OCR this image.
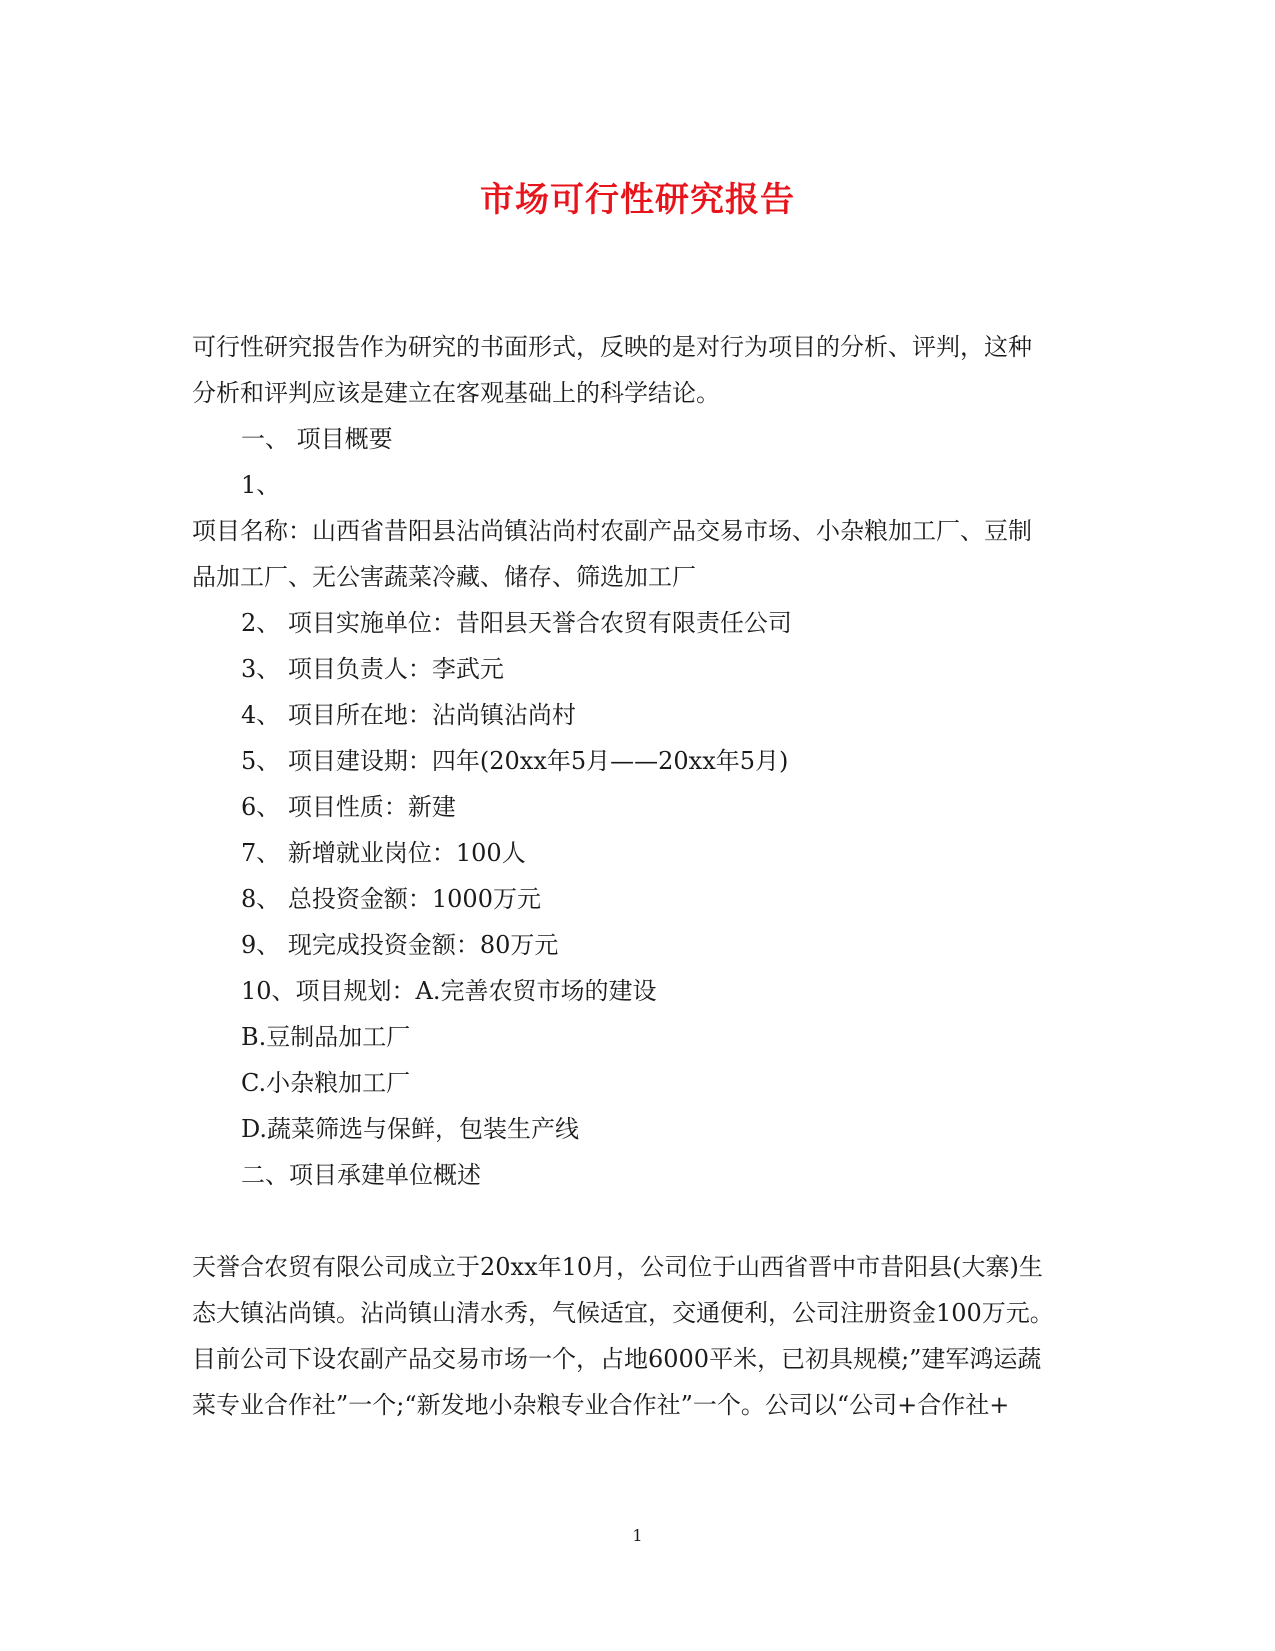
市场可行性研究报告
可行性研究报告作为研究的书面形式，反映的是对行为项目的分析、评判，这种
分析和评判应该是建立在客观基础上的科学结论。
一、 项目概要
1、
项目名称：山西省昔阳县沾尚镇沾尚村农副产品交易市场、小杂粮加工厂、豆制
品加工厂、无公害蔬菜冷藏、储存、筛选加工厂
2、 项目实施单位：昔阳县天誉合农贸有限责任公司
3、 项目负责人：李武元
4、 项目所在地：沾尚镇沾尚村
5、 项目建设期：四年(20xx年5月——20xx年5月)
6、 项目性质：新建
7、 新增就业岗位：100人
8、 总投资金额：1000万元
9、 现完成投资金额：80万元
10、项目规划：A.完善农贸市场的建设
B.豆制品加工厂
C.小杂粮加工厂
D.蔬菜筛选与保鲜，包装生产线
二、项目承建单位概述
天誉合农贸有限公司成立于20xx年10月，公司位于山西省晋中市昔阳县(大寨)生
态大镇沾尚镇。沾尚镇山清水秀，气候适宜，交通便利，公司注册资金100万元。
目前公司下设农副产品交易市场一个，占地6000平米，已初具规模;”建军鸿运蔬
菜专业合作社”一个;“新发地小杂粮专业合作社”一个。公司以“公司+合作社+
1
